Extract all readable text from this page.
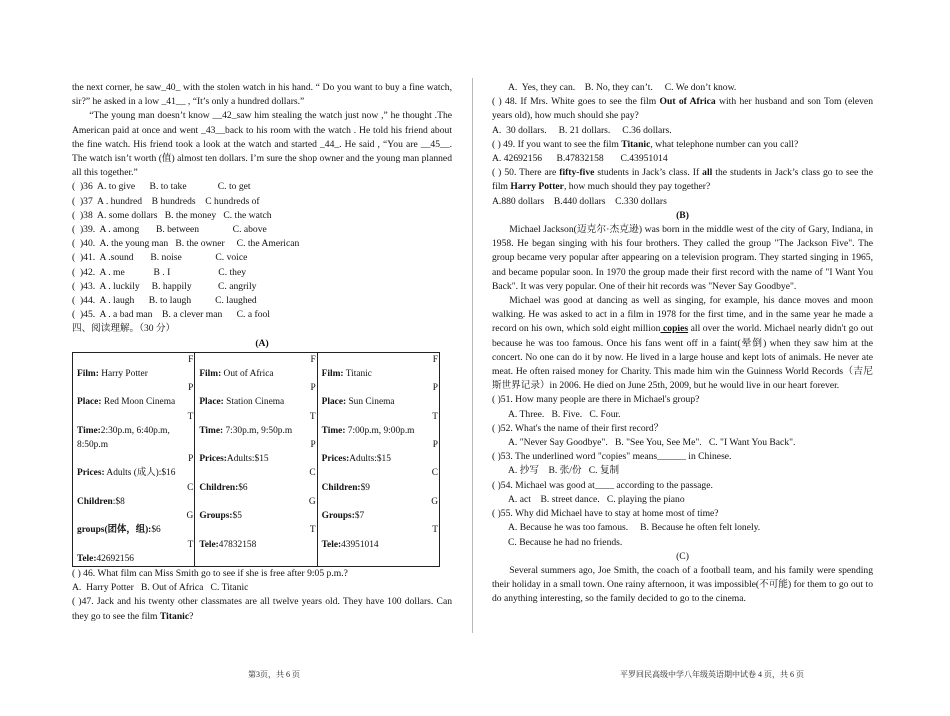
the next corner, he saw_40_ with the stolen watch in his hand. “ Do you want to buy a fine watch, sir?” he asked in a low _41__ , “It’s only a hundred dollars.”

“The young man doesn’t know __42_saw him stealing the watch just now ,” he thought .The American paid at once and went _43__back to his room with the watch . He told his friend about the fine watch. His friend took a look at the watch and started _44_. He said , “You are __45__. The watch isn’t worth (值) almost ten dollars. I’m sure the shop owner and the young man planned all this together.”

(  )36  A. to give      B. to take             C. to get

(  )37  A . hundred    B hundreds    C hundreds of

(  )38  A. some dollars   B. the money   C. the watch

(  )39.  A . among       B. between              C. above

(  )40.  A. the young man   B. the owner     C. the American

(  )41.  A .sound       B. noise              C. voice

(  )42.  A . me            B . I                    C. they

(  )43.  A . luckily     B. happily           C. angrily

(  )44.  A . laugh      B. to laugh          C. laughed

(  )45.  A . a bad man    B. a clever man      C. a fool

四、阅读理解。（30 分）

(A)

F
Film: Harry Potter
P
Place: Red Moon Cinema
T
Time:2:30p.m, 6:40p.m, 8:50p.m
P
Prices: Adults (成人):$16
C
Children:$8
G
groups(团体，组):$6
T
Tele:42692156

F
Film: Out of Africa
P
Place: Station Cinema
T
Time: 7:30p.m, 9:50p.m
P
Prices:Adults:$15
C
Children:$6
G
Groups:$5
T
Tele:47832158

F
Film: Titanic
P
Place: Sun Cinema
T
Time: 7:00p.m, 9:00p.m
P
Prices:Adults:$15
C
Children:$9
G
Groups:$7
T
Tele:43951014

( ) 46. What film can Miss Smith go to see if she is free after 9:05 p.m.?

A.  Harry Potter   B. Out of Africa   C. Titanic

( )47. Jack and his twenty other classmates are all twelve years old. They have 100 dollars. Can they go to see the film Titanic?

A.  Yes, they can.    B. No, they can’t.     C. We don’t know.

( ) 48. If Mrs. White goes to see the film Out of Africa with her husband and son Tom (eleven years old), how much should she pay?

A.  30 dollars.     B. 21 dollars.     C.36 dollars.

( ) 49. If you want to see the film Titanic, what telephone number can you call?

A. 42692156      B.47832158       C.43951014

( ) 50. There are fifty-five students in Jack’s class. If all the students in Jack’s class go to see the film Harry Potter, how much should they pay together?

A.880 dollars    B.440 dollars    C.330 dollars

(B)

Michael Jackson(迈克尔·杰克逊) was born in the middle west of the city of Gary, Indiana, in 1958. He began singing with his four brothers. They called the group "The Jackson Five". The group became very popular after appearing on a television program. They started singing in 1965, and became popular soon. In 1970 the group made their first record with the name of "I Want You Back". It was very popular. One of their hit records was "Never Say Goodbye".

Michael was good at dancing as well as singing, for example, his dance moves and moon walking. He was asked to act in a film in 1978 for the first time, and in the same year he made a record on his own, which sold eight million copies all over the world. Michael nearly didn't go out because he was too famous. Once his fans went off in a faint(晕倒) when they saw him at the concert. No one can do it by now. He lived in a large house and kept lots of animals. He never ate meat. He often raised money for Charity. This made him win the Guinness World Records（吉尼斯世界记录）in 2006. He died on June 25th, 2009, but he would live in our heart forever.

( )51. How many people are there in Michael's group?

A. Three.   B. Five.   C. Four.

( )52. What's the name of their first record？

A. "Never Say Goodbye".   B. "See You, See Me".   C. "I Want You Back".

( )53. The underlined word "copies" means______ in Chinese.

A. 抄写    B. 张/份   C. 复制

( )54. Michael was good at____ according to the passage.

A. act    B. street dance.   C. playing the piano

( )55. Why did Michael have to stay at home most of time?

A. Because he was too famous.     B. Because he often felt lonely.

C. Because he had no friends.

(C)

Several summers ago, Joe Smith, the coach of a football team, and his family were spending their holiday in a small town. One rainy afternoon, it was impossible(不可能) for them to go out to do anything interesting, so the family decided to go to the cinema.

第3页，共 6 页	平罗回民高级中学八年级英语期中试卷 4 页，共 6 页
